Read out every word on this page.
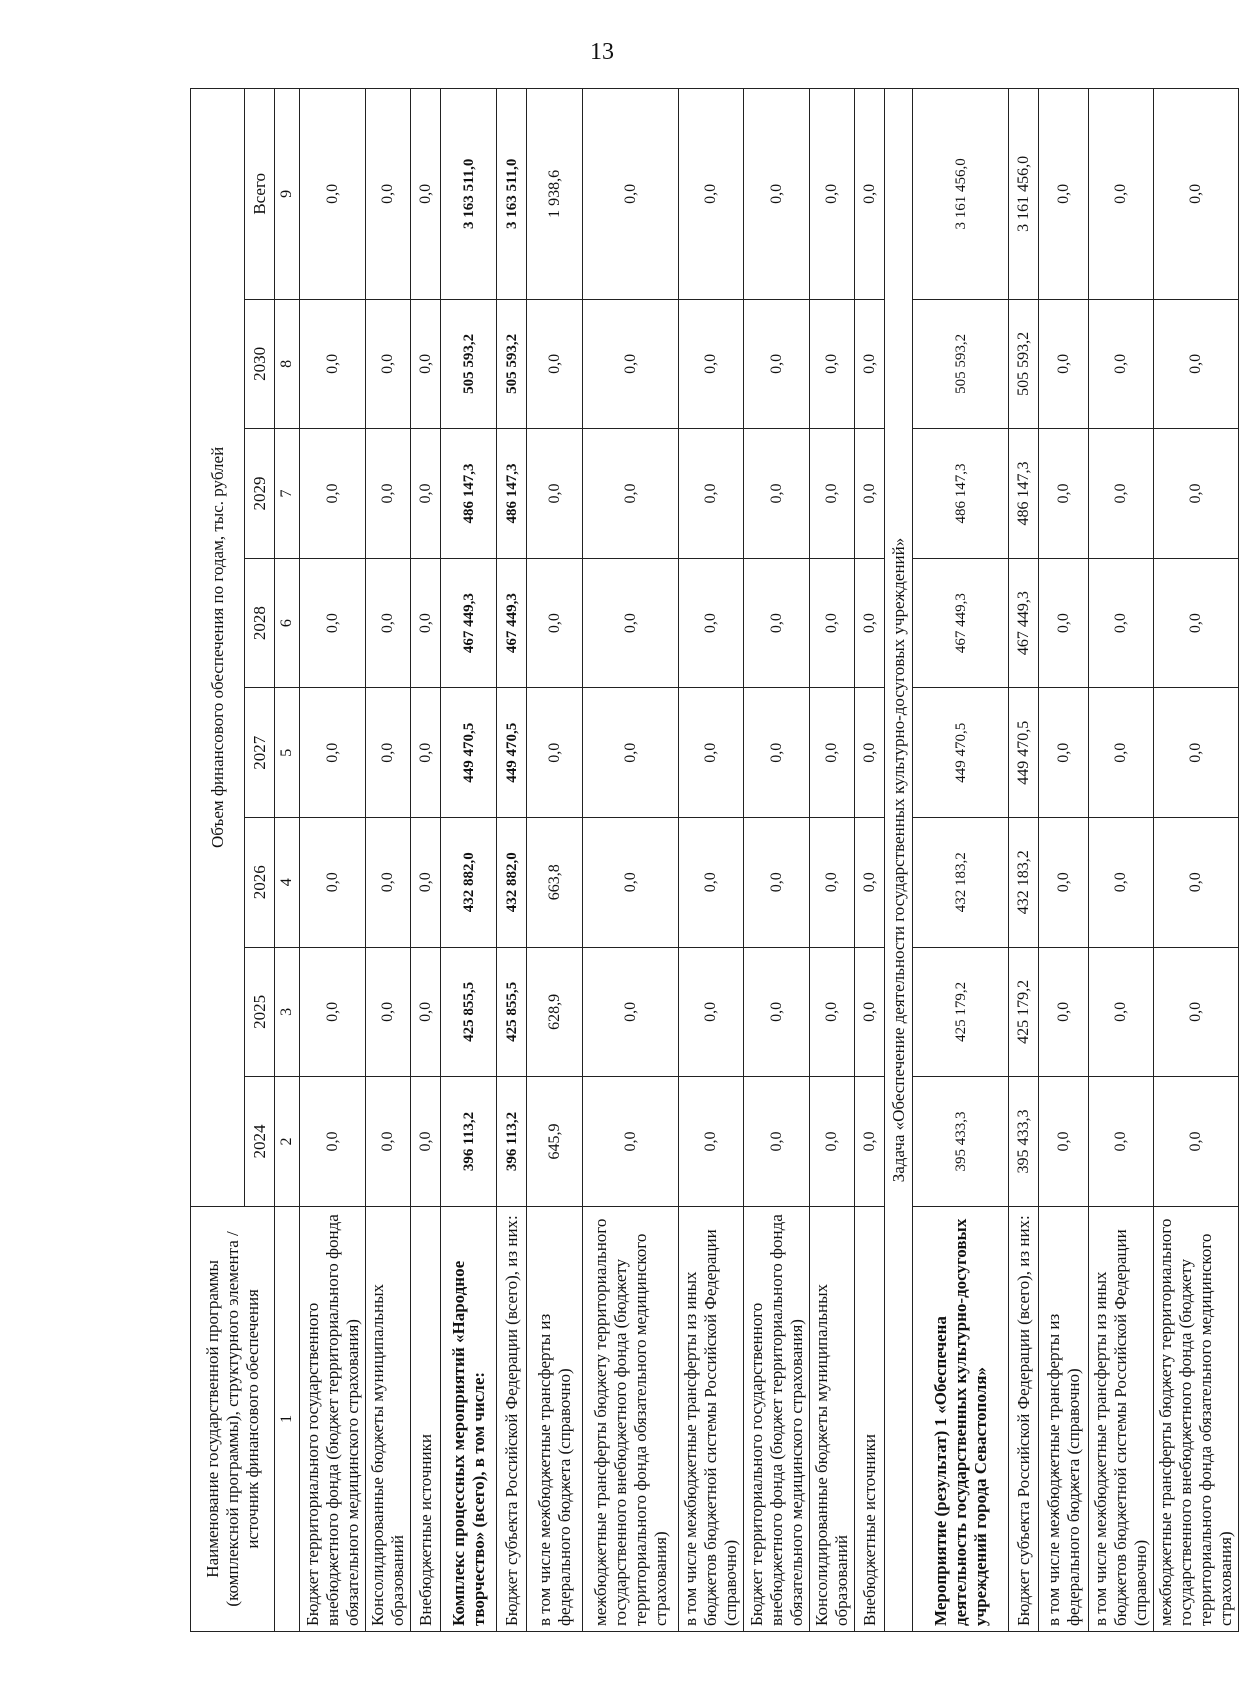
13
Наименование государственной программы (комплексной программы), структурного элемента / источник финансового обеспечения	Объем финансового обеспечения по годам, тыс. рублей							
	2024	2025	2026	2027	2028	2029	2030	Всего
1	2	3	4	5	6	7	8	9
Бюджет территориального государственного внебюджетного фонда (бюджет территориального фонда обязательного медицинского страхования)	0,0	0,0	0,0	0,0	0,0	0,0	0,0	0,0
Консолидированные бюджеты муниципальных образований	0,0	0,0	0,0	0,0	0,0	0,0	0,0	0,0
Внебюджетные источники	0,0	0,0	0,0	0,0	0,0	0,0	0,0	0,0
Комплекс процессных мероприятий «Народное творчество» (всего), в том числе:	396 113,2	425 855,5	432 882,0	449 470,5	467 449,3	486 147,3	505 593,2	3 163 511,0
Бюджет субъекта Российской Федерации (всего), из них:	396 113,2	425 855,5	432 882,0	449 470,5	467 449,3	486 147,3	505 593,2	3 163 511,0
в том числе межбюджетные трансферты из федерального бюджета (справочно)	645,9	628,9	663,8	0,0	0,0	0,0	0,0	1 938,6
межбюджетные трансферты бюджету территориального государственного внебюджетного фонда (бюджету территориального фонда обязательного медицинского страхования)	0,0	0,0	0,0	0,0	0,0	0,0	0,0	0,0
в том числе межбюджетные трансферты из иных бюджетов бюджетной системы Российской Федерации (справочно)	0,0	0,0	0,0	0,0	0,0	0,0	0,0	0,0
Бюджет территориального государственного внебюджетного фонда (бюджет территориального фонда обязательного медицинского страхования)	0,0	0,0	0,0	0,0	0,0	0,0	0,0	0,0
Консолидированные бюджеты муниципальных образований	0,0	0,0	0,0	0,0	0,0	0,0	0,0	0,0
Внебюджетные источники	0,0	0,0	0,0	0,0	0,0	0,0	0,0	0,0
Задача «Обеспечение деятельности государственных культурно-досуговых учреждений»								
Мероприятие (результат) 1 «Обеспечена деятельность государственных культурно-досуговых учреждений города Севастополя»	395 433,3	425 179,2	432 183,2	449 470,5	467 449,3	486 147,3	505 593,2	3 161 456,0
Бюджет субъекта Российской Федерации (всего), из них:	395 433,3	425 179,2	432 183,2	449 470,5	467 449,3	486 147,3	505 593,2	3 161 456,0
в том числе межбюджетные трансферты из федерального бюджета (справочно)	0,0	0,0	0,0	0,0	0,0	0,0	0,0	0,0
в том числе межбюджетные трансферты из иных бюджетов бюджетной системы Российской Федерации (справочно)	0,0	0,0	0,0	0,0	0,0	0,0	0,0	0,0
межбюджетные трансферты бюджету территориального государственного внебюджетного фонда (бюджету территориального фонда обязательного медицинского страхования)	0,0	0,0	0,0	0,0	0,0	0,0	0,0	0,0
